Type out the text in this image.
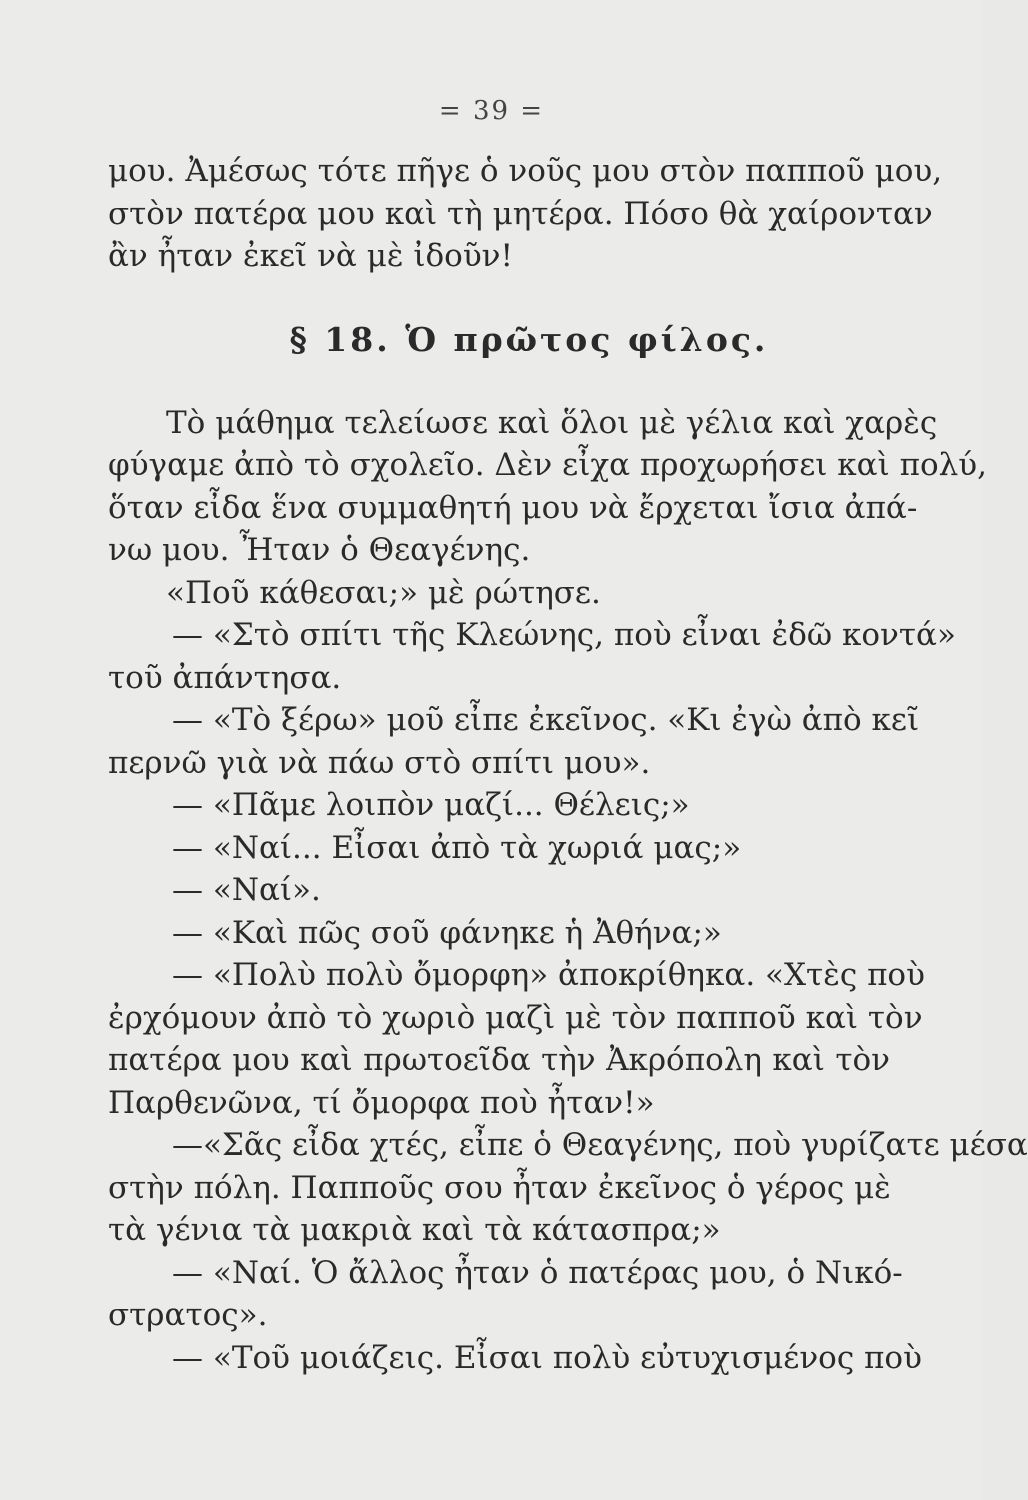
= 39 =
μου. Ἀμέσως τότε πῆγε ὁ νοῦς μου στὸν παπποῦ μου,
στὸν πατέρα μου καὶ τὴ μητέρα. Πόσο θὰ χαίρονταν
ἂν ἦταν ἐκεῖ νὰ μὲ ἰδοῦν!
§ 18. Ὁ πρῶτος φίλος.
Τὸ μάθημα τελείωσε καὶ ὅλοι μὲ γέλια καὶ χαρὲς
φύγαμε ἀπὸ τὸ σχολεῖο. Δὲν εἶχα προχωρήσει καὶ πολύ,
ὅταν εἶδα ἕνα συμμαθητή μου νὰ ἔρχεται ἴσια ἀπά-
νω μου. Ἦταν ὁ Θεαγένης.
«Ποῦ κάθεσαι;» μὲ ρώτησε.
— «Στὸ σπίτι τῆς Κλεώνης, ποὺ εἶναι ἐδῶ κοντά»
τοῦ ἀπάντησα.
— «Τὸ ξέρω» μοῦ εἶπε ἐκεῖνος. «Κι ἐγὼ ἀπὸ κεῖ
περνῶ γιὰ νὰ πάω στὸ σπίτι μου».
— «Πᾶμε λοιπὸν μαζί... Θέλεις;»
— «Ναί... Εἶσαι ἀπὸ τὰ χωριά μας;»
— «Ναί».
— «Καὶ πῶς σοῦ φάνηκε ἡ Ἀθήνα;»
— «Πολὺ πολὺ ὄμορφη» ἀποκρίθηκα. «Χτὲς ποὺ
ἐρχόμουν ἀπὸ τὸ χωριὸ μαζὶ μὲ τὸν παπποῦ καὶ τὸν
πατέρα μου καὶ πρωτοεῖδα τὴν Ἀκρόπολη καὶ τὸν
Παρθενῶνα, τί ὄμορφα ποὺ ἦταν!»
—«Σᾶς εἶδα χτές, εἶπε ὁ Θεαγένης, ποὺ γυρίζατε μέσα
στὴν πόλη. Παπποῦς σου ἦταν ἐκεῖνος ὁ γέρος μὲ
τὰ γένια τὰ μακριὰ καὶ τὰ κάτασπρα;»
— «Ναί. Ὁ ἄλλος ἦταν ὁ πατέρας μου, ὁ Νικό-
στρατος».
— «Τοῦ μοιάζεις. Εἶσαι πολὺ εὐτυχισμένος ποὺ
